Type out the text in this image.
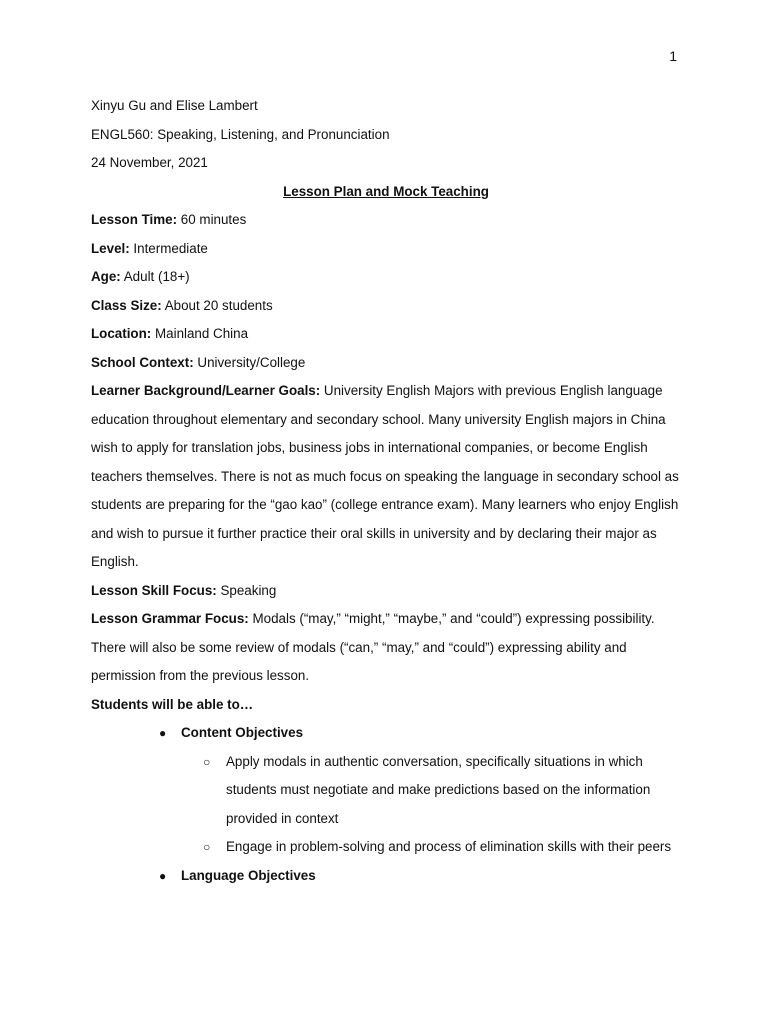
1

Xinyu Gu and Elise Lambert

ENGL560: Speaking, Listening, and Pronunciation

24 November, 2021

Lesson Plan and Mock Teaching

Lesson Time: 60 minutes

Level: Intermediate

Age: Adult (18+)

Class Size: About 20 students

Location: Mainland China

School Context: University/College

Learner Background/Learner Goals: University English Majors with previous English language education throughout elementary and secondary school. Many university English majors in China wish to apply for translation jobs, business jobs in international companies, or become English teachers themselves. There is not as much focus on speaking the language in secondary school as students are preparing for the “gao kao” (college entrance exam). Many learners who enjoy English and wish to pursue it further practice their oral skills in university and by declaring their major as English.

Lesson Skill Focus: Speaking

Lesson Grammar Focus: Modals (“may,” “might,” “maybe,” and “could”) expressing possibility. There will also be some review of modals (“can,” “may,” and “could”) expressing ability and permission from the previous lesson.

Students will be able to…

● Content Objectives
○ Apply modals in authentic conversation, specifically situations in which students must negotiate and make predictions based on the information provided in context
○ Engage in problem-solving and process of elimination skills with their peers
● Language Objectives
